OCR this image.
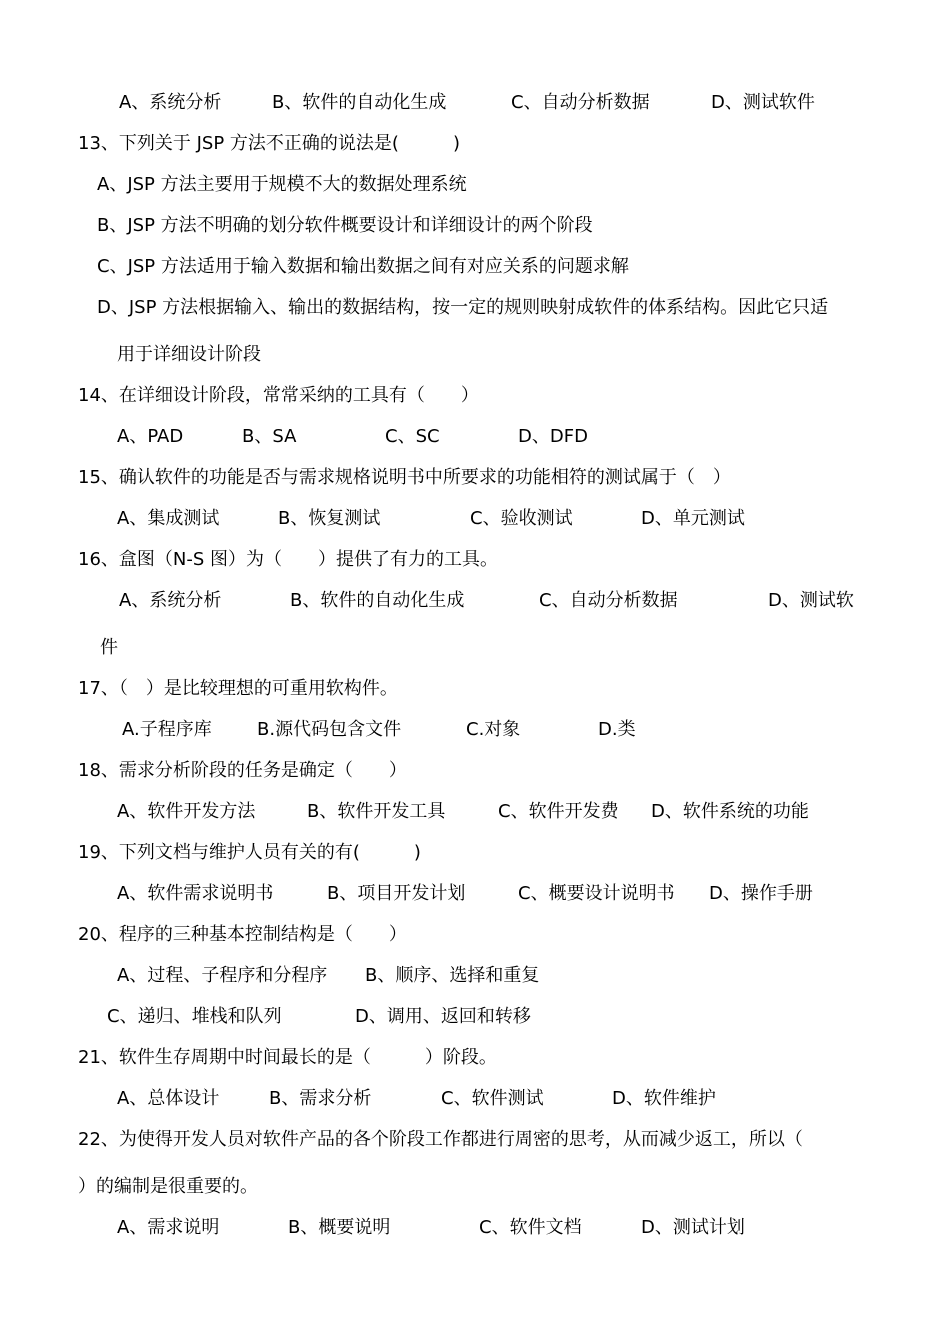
A、系统分析	B、软件的自动化生成	C、自动分析数据	D、测试软件
13、下列关于 JSP 方法不正确的说法是(　　　)
A、JSP 方法主要用于规模不大的数据处理系统
B、JSP 方法不明确的划分软件概要设计和详细设计的两个阶段
C、JSP 方法适用于输入数据和输出数据之间有对应关系的问题求解
D、JSP 方法根据输入、输出的数据结构，按一定的规则映射成软件的体系结构。因此它只适
用于详细设计阶段
14、在详细设计阶段，常常采纳的工具有（　　）
A、PAD	B、SA	C、SC	D、DFD
15、确认软件的功能是否与需求规格说明书中所要求的功能相符的测试属于（　）
A、集成测试	B、恢复测试	C、验收测试	D、单元测试
16、盒图（N-S 图）为（　　）提供了有力的工具。
A、系统分析	B、软件的自动化生成	C、自动分析数据	D、测试软
件
17、（　）是比较理想的可重用软构件。
A.子程序库	B.源代码包含文件	C.对象	D.类
18、需求分析阶段的任务是确定（　　）
A、软件开发方法	B、软件开发工具	C、软件开发费 D、软件系统的功能
19、下列文档与维护人员有关的有(　　　)
A、软件需求说明书	B、项目开发计划	C、概要设计说明书 D、操作手册
20、程序的三种基本控制结构是（　　）
A、过程、子程序和分程序 B、顺序、选择和重复
C、递归、堆栈和队列	D、调用、返回和转移
21、软件生存周期中时间最长的是（　　　）阶段。
A、总体设计	B、需求分析	C、软件测试	D、软件维护
22、为使得开发人员对软件产品的各个阶段工作都进行周密的思考，从而减少返工，所以（
）的编制是很重要的。
A、需求说明	B、概要说明	C、软件文档	D、测试计划
